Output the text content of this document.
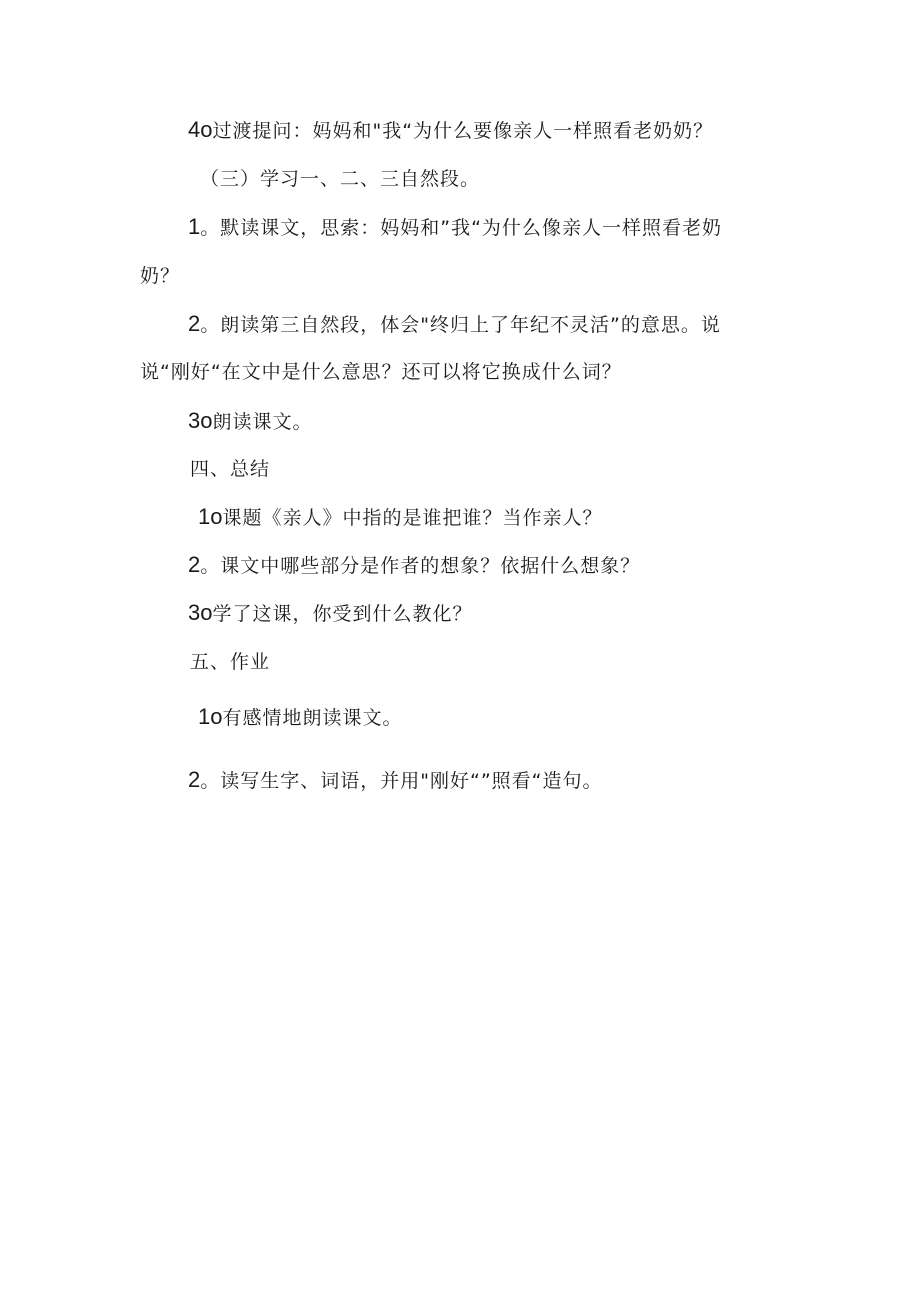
4o过渡提问：妈妈和"我“为什么要像亲人一样照看老奶奶？
（三）学习一、二、三自然段。
1。默读课文，思索：妈妈和”我“为什么像亲人一样照看老奶
奶？
2。朗读第三自然段，体会"终归上了年纪不灵活”的意思。说
说“刚好“在文中是什么意思？还可以将它换成什么词？
3o朗读课文。
四、总结
1o课题《亲人》中指的是谁把谁？当作亲人？
2。课文中哪些部分是作者的想象？依据什么想象？
3o学了这课，你受到什么教化？
五、作业
1o有感情地朗读课文。
2。读写生字、词语，并用"刚好“”照看“造句。
